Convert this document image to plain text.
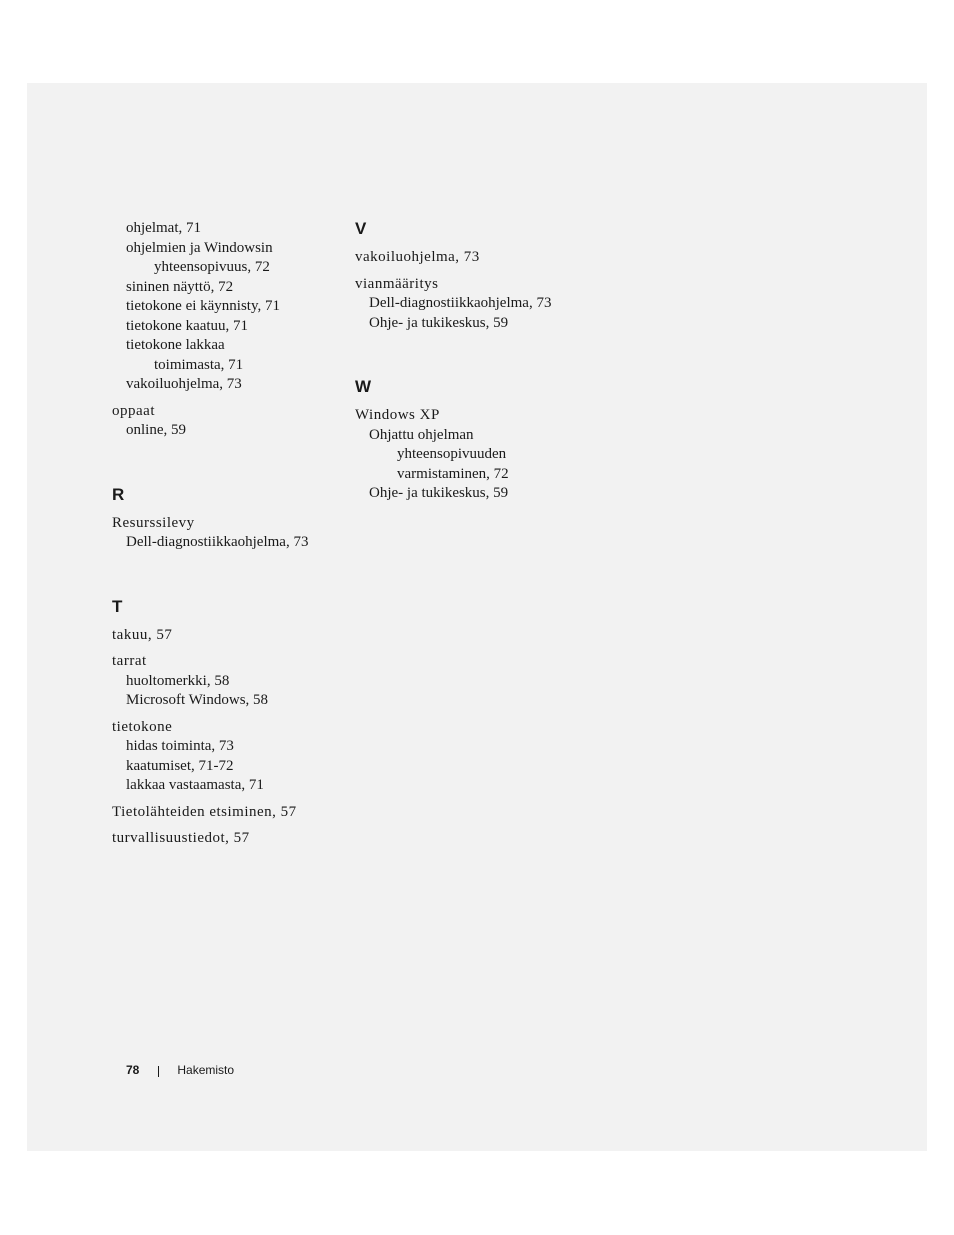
ohjelmat, 71
ohjelmien ja Windowsin
yhteensopivuus, 72
sininen näyttö, 72
tietokone ei käynnisty, 71
tietokone kaatuu, 71
tietokone lakkaa
toimimasta, 71
vakoiluohjelma, 73
oppaat
online, 59
R
Resurssilevy
Dell-diagnostiikkaohjelma, 73
T
takuu, 57
tarrat
huoltomerkki, 58
Microsoft Windows, 58
tietokone
hidas toiminta, 73
kaatumiset, 71-72
lakkaa vastaamasta, 71
Tietolähteiden etsiminen, 57
turvallisuustiedot, 57
V
vakoiluohjelma, 73
vianmääritys
Dell-diagnostiikkaohjelma, 73
Ohje- ja tukikeskus, 59
W
Windows XP
Ohjattu ohjelman
yhteensopivuuden
varmistaminen, 72
Ohje- ja tukikeskus, 59
78	Hakemisto
